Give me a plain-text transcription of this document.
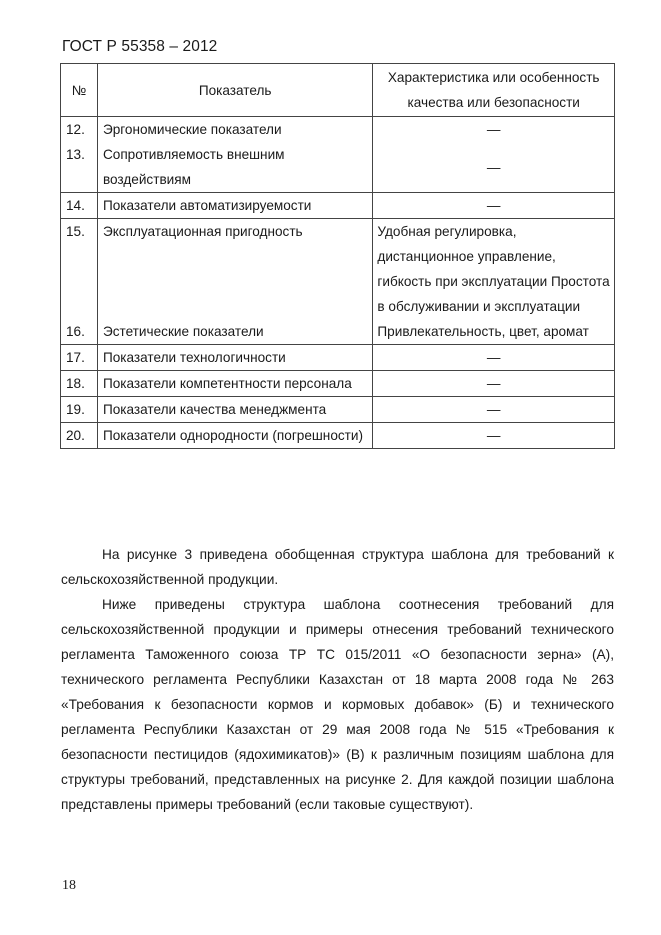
ГОСТ Р 55358 – 2012
№	Показатель	Характеристика или особенность качества или безопасности
12.	Эргономические показатели	—
13.	Сопротивляемость внешним воздействиям	—
14.	Показатели автоматизируемости	—
15.	Эксплуатационная пригодность	Удобная регулировка, дистанционное управление, гибкость при эксплуатации Простота в обслуживании и эксплуатации
16.	Эстетические показатели	Привлекательность, цвет, аромат
17.	Показатели технологичности	—
18.	Показатели компетентности персонала	—
19.	Показатели качества менеджмента	—
20.	Показатели однородности (погрешности)	—

На рисунке 3 приведена обобщенная структура шаблона для требований к сельскохозяйственной продукции.

Ниже приведены структура шаблона соотнесения требований для сельскохозяйственной продукции и примеры отнесения требований технического регламента Таможенного союза ТР ТС 015/2011 «О безопасности зерна» (А), технического регламента Республики Казахстан от 18 марта 2008 года № 263 «Требования к безопасности кормов и кормовых добавок» (Б) и технического регламента Республики Казахстан от 29 мая 2008 года № 515 «Требования к безопасности пестицидов (ядохимикатов)» (В) к различным позициям шаблона для структуры требований, представленных на рисунке 2. Для каждой позиции шаблона представлены примеры требований (если таковые существуют).

18
